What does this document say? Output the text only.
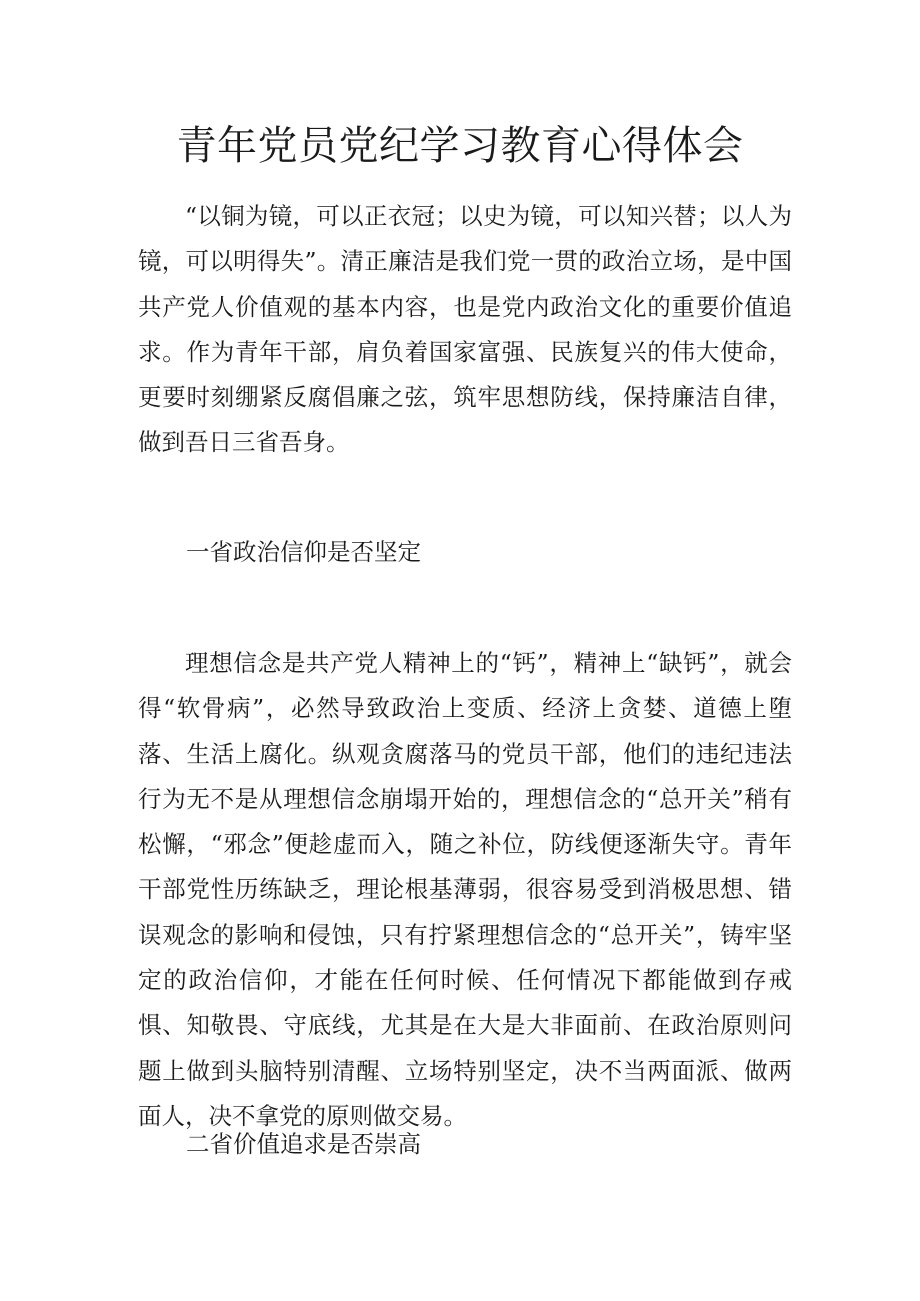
青年党员党纪学习教育心得体会

“以铜为镜，可以正衣冠；以史为镜，可以知兴替；以人为镜，可以明得失”。清正廉洁是我们党一贯的政治立场，是中国共产党人价值观的基本内容，也是党内政治文化的重要价值追求。作为青年干部，肩负着国家富强、民族复兴的伟大使命，更要时刻绷紧反腐倡廉之弦，筑牢思想防线，保持廉洁自律，做到吾日三省吾身。

一省政治信仰是否坚定

理想信念是共产党人精神上的“钙”，精神上“缺钙”，就会得“软骨病”，必然导致政治上变质、经济上贪婪、道德上堕落、生活上腐化。纵观贪腐落马的党员干部，他们的违纪违法行为无不是从理想信念崩塌开始的，理想信念的“总开关”稍有松懈，“邪念”便趁虚而入，随之补位，防线便逐渐失守。青年干部党性历练缺乏，理论根基薄弱，很容易受到消极思想、错误观念的影响和侵蚀，只有拧紧理想信念的“总开关”，铸牢坚定的政治信仰，才能在任何时候、任何情况下都能做到存戒惧、知敬畏、守底线，尤其是在大是大非面前、在政治原则问题上做到头脑特别清醒、立场特别坚定，决不当两面派、做两面人，决不拿党的原则做交易。

二省价值追求是否崇高
